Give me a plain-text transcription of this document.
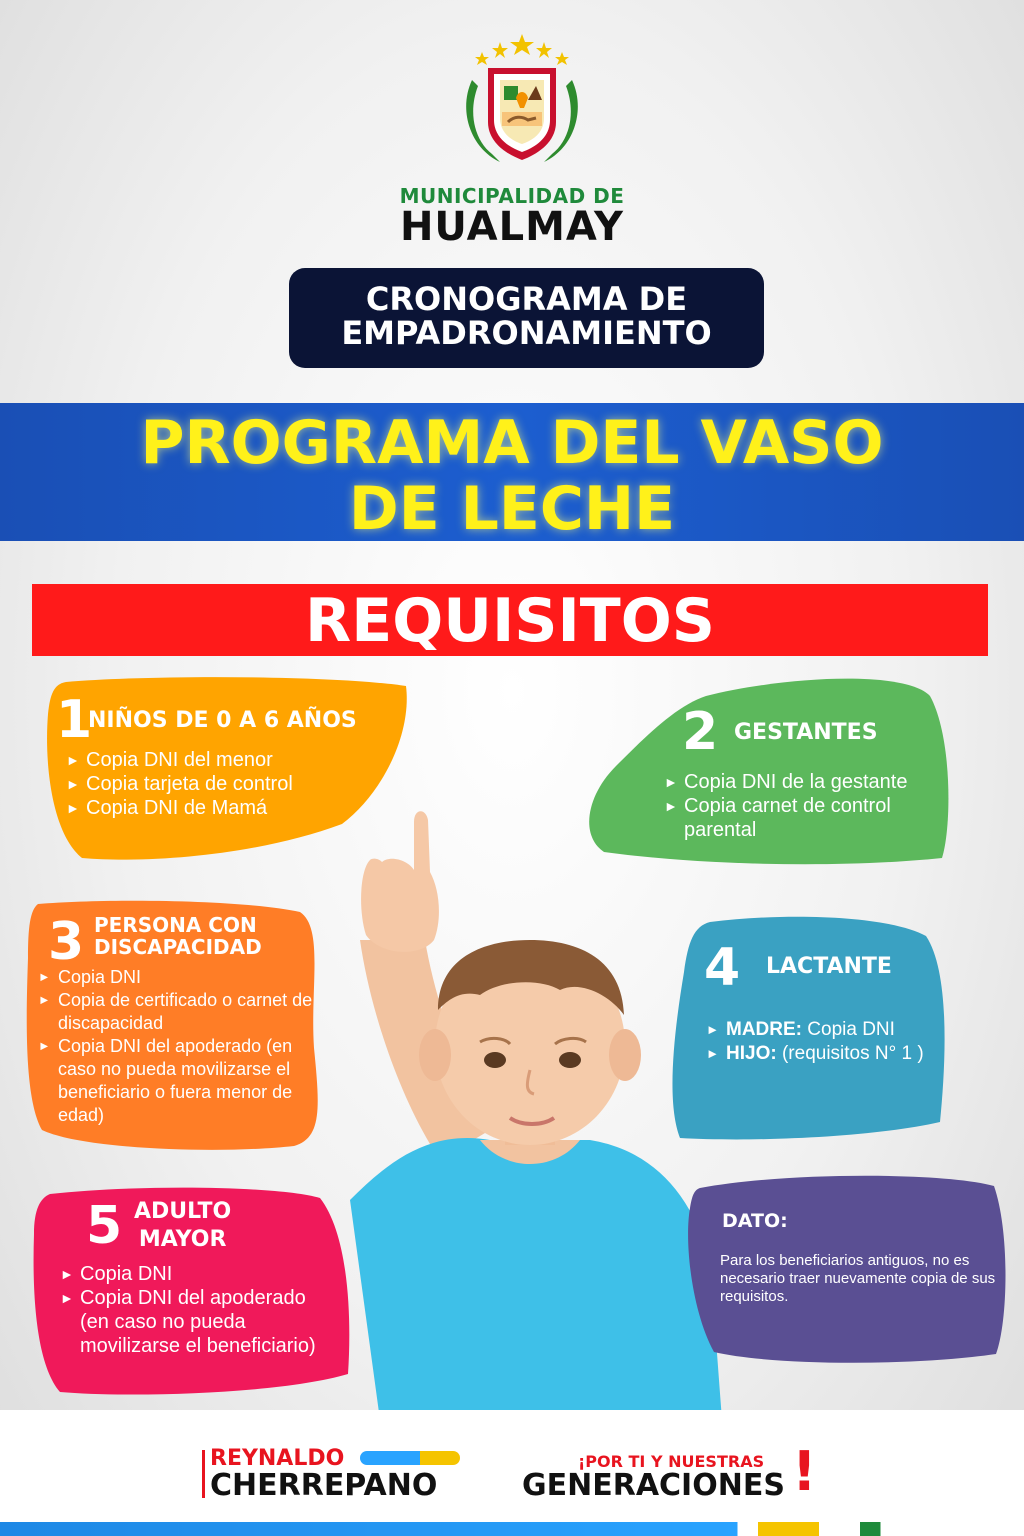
MUNICIPALIDAD DE
HUALMAY
CRONOGRAMA DE
EMPADRONAMIENTO
PROGRAMA DEL VASO
DE LECHE
REQUISITOS
1
NIÑOS DE 0 A 6 AÑOS
► Copia DNI del menor
► Copia tarjeta de control
► Copia DNI de Mamá
2 GESTANTES
► Copia DNI de la gestante
► Copia carnet de control parental
3 PERSONA CON
DISCAPACIDAD
► Copia DNI
► Copia de certificado o carnet de discapacidad
► Copia DNI del apoderado (en caso no pueda movilizarse el beneficiario o fuera menor de edad)
4 LACTANTE
► MADRE: Copia DNI
► HIJO: (requisitos N° 1 )
5 ADULTO
MAYOR
► Copia DNI
► Copia DNI del apoderado (en caso no pueda movilizarse el beneficiario)
DATO:
Para los beneficiarios antiguos, no es necesario traer nuevamente copia de sus requisitos.
REYNALDO
CHERREPANO
¡POR TI Y NUESTRAS
GENERACIONES !
